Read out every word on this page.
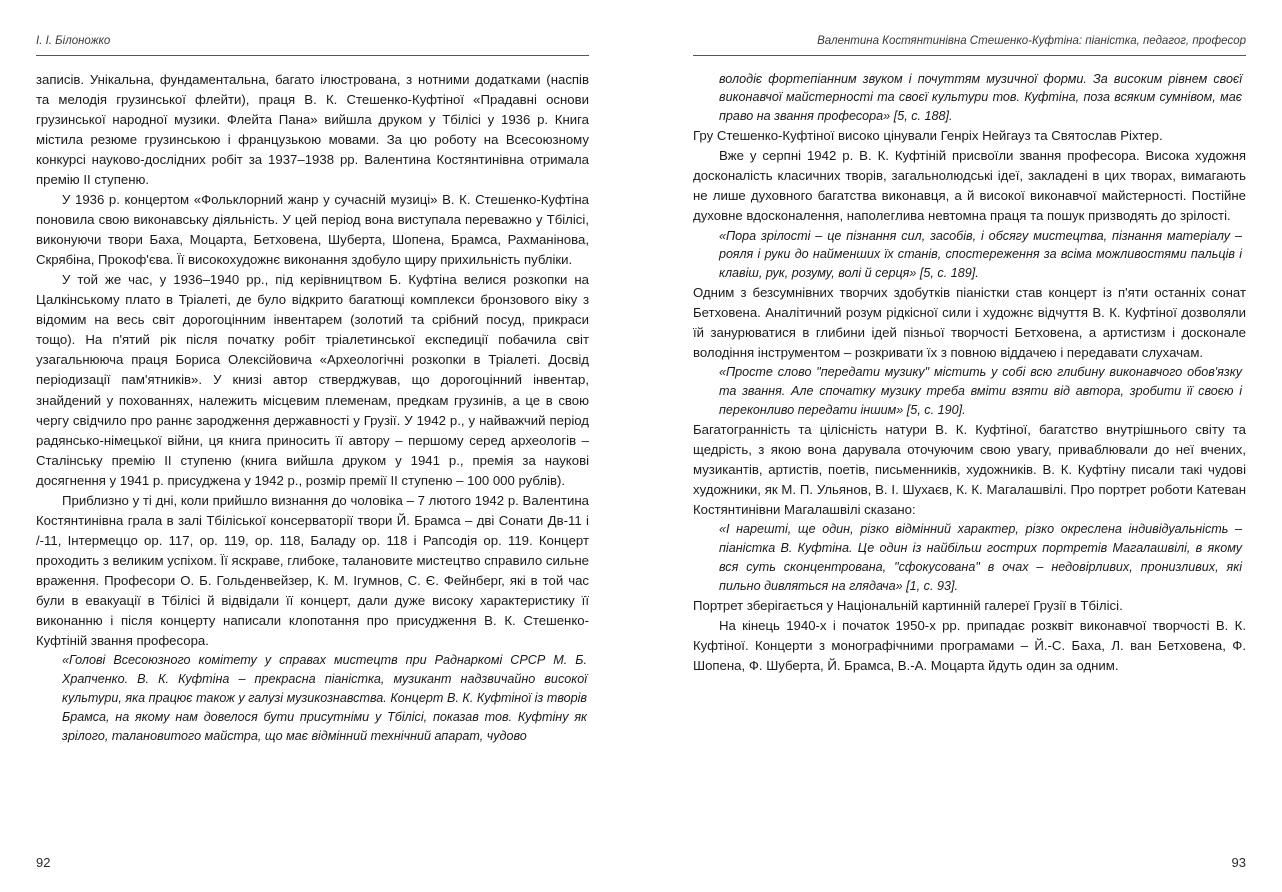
І. І. Білоножко

записів. Унікальна, фундаментальна, багато ілюстрована, з нотними додатками (наспів та мелодія грузинської флейти), праця В. К. Стешенко-Куфтіної «Прадавні основи грузинської народної музики. Флейта Пана» вийшла друком у Тбілісі у 1936 р. Книга містила резюме грузинською і французькою мовами. За цю роботу на Всесоюзному конкурсі науково-дослідних робіт за 1937–1938 рр. Валентина Костянтинівна отримала премію ІІ ступеню.

У 1936 р. концертом «Фольклорний жанр у сучасній музиці» В. К. Стешенко-Куфтіна поновила свою виконавську діяльність. У цей період вона виступала переважно у Тбілісі, виконуючи твори Баха, Моцарта, Бетховена, Шуберта, Шопена, Брамса, Рахманінова, Скрябіна, Прокоф'єва. Її високохудожнє виконання здобуло щиру прихильність публіки.

У той же час, у 1936–1940 рр., під керівництвом Б. Куфтіна велися розкопки на Цалкінському плато в Тріалеті, де було відкрито багатющі комплекси бронзового віку з відомим на весь світ дорогоцінним інвентарем (золотий та срібний посуд, прикраси тощо). На п'ятий рік після початку робіт тріалетинської експедиції побачила світ узагальнююча праця Бориса Олексійовича «Археологічні розкопки в Тріалеті. Досвід періодизації пам'ятників». У книзі автор стверджував, що дорогоцінний інвентар, знайдений у похованнях, належить місцевим племенам, предкам грузинів, а це в свою чергу свідчило про раннє зародження державності у Грузії. У 1942 р., у найважчий період радянсько-німецької війни, ця книга приносить її автору – першому серед археологів – Сталінську премію ІІ ступеню (книга вийшла друком у 1941 р., премія за наукові досягнення у 1941 р. присуджена у 1942 р., розмір премії ІІ ступеню – 100 000 рублів).

Приблизно у ті дні, коли прийшло визнання до чоловіка – 7 лютого 1942 р. Валентина Костянтинівна грала в залі Тбіліської консерваторії твори Й. Брамса – дві Сонати Дв-11 і /-11, Інтермеццо ор. 117, ор. 119, ор. 118, Баладу ор. 118 і Рапсодія ор. 119. Концерт проходить з великим успіхом. Її яскраве, глибоке, талановите мистецтво справило сильне враження. Професори О. Б. Гольденвейзер, К. М. Ігумнов, С. Є. Фейнберг, які в той час були в евакуації в Тбілісі й відвідали її концерт, дали дуже високу характеристику її виконанню і після концерту написали клопотання про присудження В. К. Стешенко-Куфтіній звання професора.

«Голові Всесоюзного комітету у справах мистецтв при Раднаркомі СРСР М. Б. Храпченко. В. К. Куфтіна – прекрасна піаністка, музикант надзвичайно високої культури, яка працює також у галузі музикознавства. Концерт В. К. Куфтіної із творів Брамса, на якому нам довелося бути присутніми у Тбілісі, показав тов. Куфтіну як зрілого, талановитого майстра, що має відмінний технічний апарат, чудово

92
Валентина Костянтинівна Стешенко-Куфтіна: піаністка, педагог, професор

володіє фортепіанним звуком і почуттям музичної форми. За високим рівнем своєї виконавчої майстерності та своєї культури тов. Куфтіна, поза всяким сумнівом, має право на звання професора» [5, с. 188].

Гру Стешенко-Куфтіної високо цінували Генріх Нейгауз та Святослав Ріхтер.

Вже у серпні 1942 р. В. К. Куфтіній присвоїли звання професора. Висока художня досконалість класичних творів, загальнолюдські ідеї, закладені в цих творах, вимагають не лише духовного багатства виконавця, а й високої виконавчої майстерності. Постійне духовне вдосконалення, наполеглива невтомна праця та пошук призводять до зрілості.

«Пора зрілості – це пізнання сил, засобів, і обсягу мистецтва, пізнання матеріалу – рояля і руки до найменших їх станів, спостереження за всіма можливостями пальців і клавіш, рук, розуму, волі й серця» [5, с. 189].

Одним з безсумнівних творчих здобутків піаністки став концерт із п'яти останніх сонат Бетховена. Аналітичний розум рідкісної сили і художнє відчуття В. К. Куфтіної дозволяли їй занурюватися в глибини ідей пізньої творчості Бетховена, а артистизм і досконале володіння інструментом – розкривати їх з повною віддачею і передавати слухачам.

«Просте слово "передати музику" містить у собі всю глибину виконавчого обов'язку та звання. Але спочатку музику треба вміти взяти від автора, зробити її своєю і переконливо передати іншим» [5, с. 190].

Багатогранність та цілісність натури В. К. Куфтіної, багатство внутрішнього світу та щедрість, з якою вона дарувала оточуючим свою увагу, приваблювали до неї вчених, музикантів, артистів, поетів, письменників, художників. В. К. Куфтіну писали такі чудові художники, як М. П. Ульянов, В. І. Шухаєв, К. К. Магалашвілі. Про портрет роботи Катеван Костянтинівни Магалашвілі сказано:

«І нарешті, ще один, різко відмінний характер, різко окреслена індивідуальність – піаністка В. Куфтіна. Це один із найбільш гострих портретів Магалашвілі, в якому вся суть сконцентрована, "сфокусована" в очах – недовірливих, пронизливих, які пильно дивляться на глядача» [1, с. 93].

Портрет зберігається у Національній картинній галереї Грузії в Тбілісі.

На кінець 1940-х і початок 1950-х рр. припадає розквіт виконавчої творчості В. К. Куфтіної. Концерти з монографічними програмами – Й.-С. Баха, Л. ван Бетховена, Ф. Шопена, Ф. Шуберта, Й. Брамса, В.-А. Моцарта йдуть один за одним.

93
